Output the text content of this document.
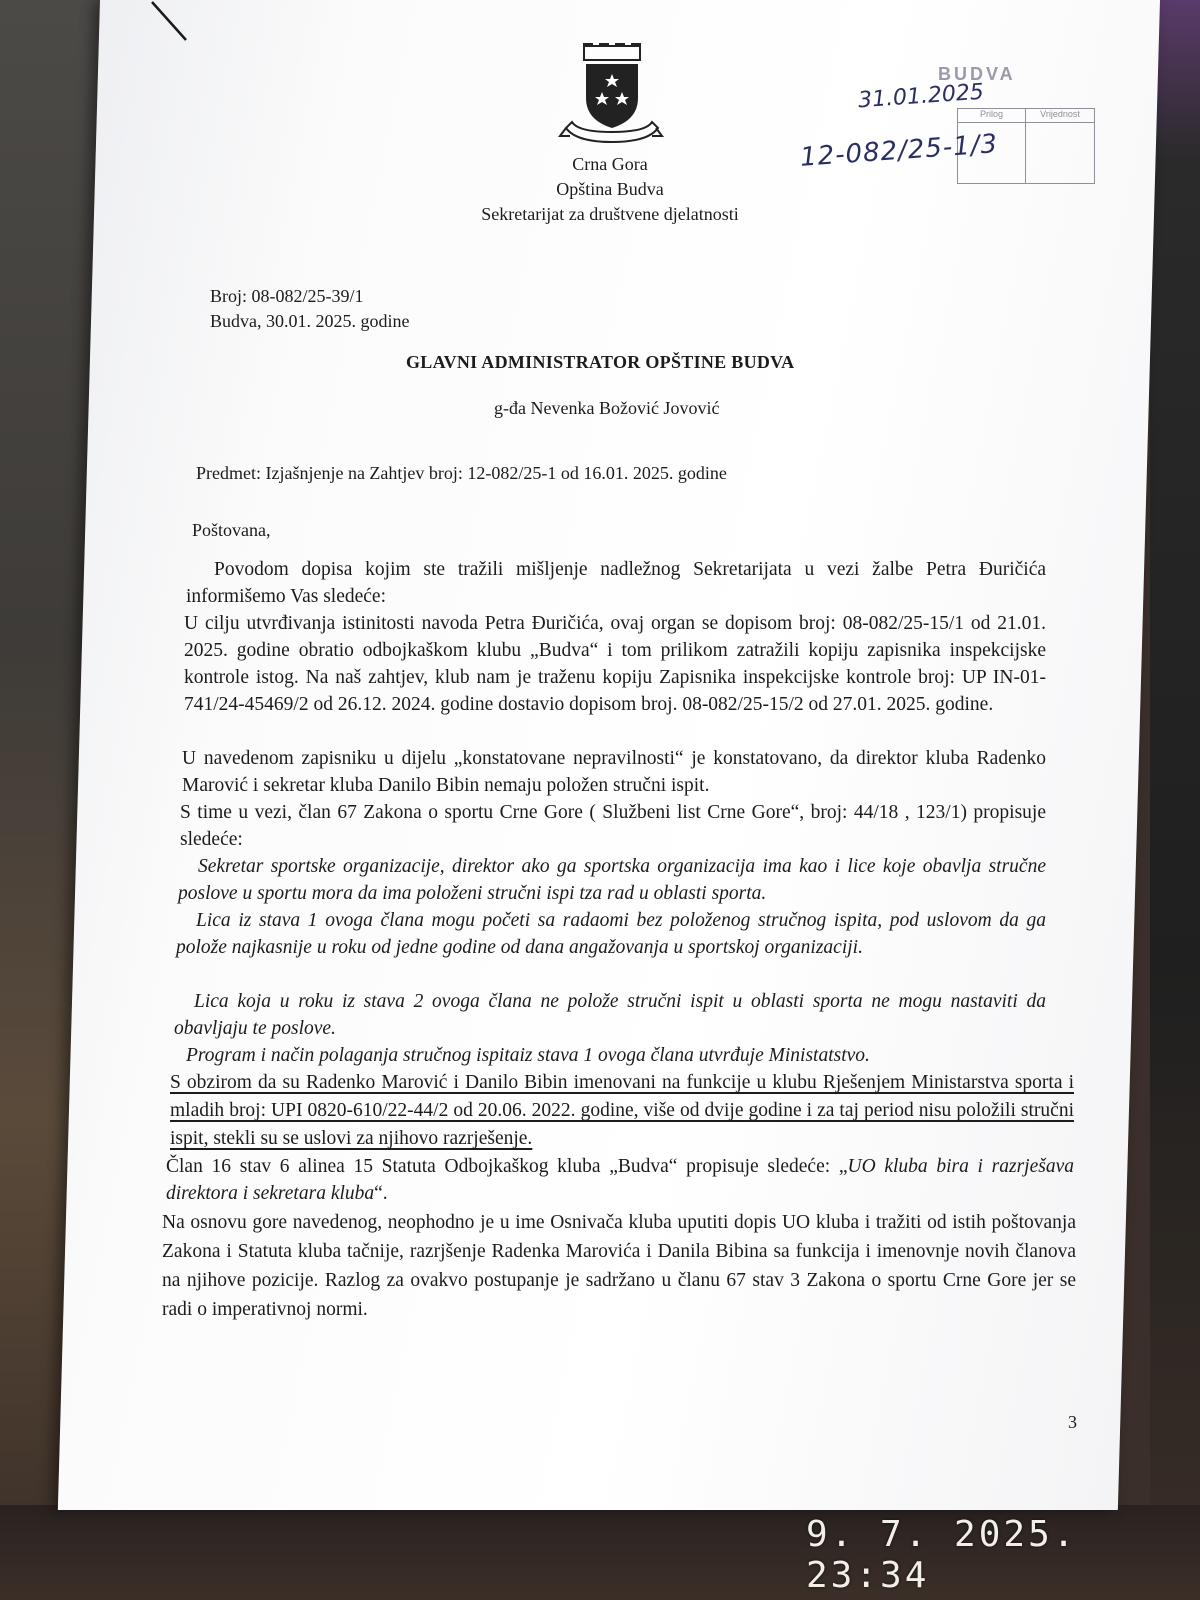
Crna Gora
Opština Budva
Sekretarijat za društvene djelatnosti
BUDVA
Prilog	Vrijednost
31.01.2025
12-082/25-1/3
Broj: 08-082/25-39/1
Budva, 30.01. 2025. godine
GLAVNI ADMINISTRATOR OPŠTINE BUDVA
g-đa Nevenka Božović Jovović
Predmet: Izjašnjenje na Zahtjev broj: 12-082/25-1 od 16.01. 2025. godine
Poštovana,

Povodom dopisa kojim ste tražili mišljenje nadležnog Sekretarijata u vezi žalbe Petra Đuričića informišemo Vas sledeće:

U cilju utvrđivanja istinitosti navoda Petra Đuričića, ovaj organ se dopisom broj: 08-082/25-15/1 od 21.01. 2025. godine obratio odbojkaškom klubu „Budva“ i tom prilikom zatražili kopiju zapisnika inspekcijske kontrole istog. Na naš zahtjev, klub nam je traženu kopiju Zapisnika inspekcijske kontrole broj: UP IN-01-741/24-45469/2 od 26.12. 2024. godine dostavio dopisom broj. 08-082/25-15/2 od 27.01. 2025. godine.

U navedenom zapisniku u dijelu „konstatovane nepravilnosti“ je konstatovano, da direktor kluba Radenko Marović i sekretar kluba Danilo Bibin nemaju položen stručni ispit.

S time u vezi, član 67 Zakona o sportu Crne Gore ( Službeni list Crne Gore“, broj: 44/18 , 123/1) propisuje sledeće:

Sekretar sportske organizacije, direktor ako ga sportska organizacija ima kao i lice koje obavlja stručne poslove u sportu mora da ima položeni stručni ispi tza rad u oblasti sporta.

Lica iz stava 1 ovoga člana mogu početi sa radaomi bez položenog stručnog ispita, pod uslovom da ga polože najkasnije u roku od jedne godine od dana angažovanja u sportskoj organizaciji.

Lica koja u roku iz stava 2 ovoga člana ne polože stručni ispit u oblasti sporta ne mogu nastaviti da obavljaju te poslove.

Program i način polaganja stručnog ispitaiz stava 1 ovoga člana utvrđuje Ministatstvo.

S obzirom da su Radenko Marović i Danilo Bibin imenovani na funkcije u klubu Rješenjem Ministarstva sporta i mladih broj: UPI 0820-610/22-44/2 od 20.06. 2022. godine, više od dvije godine i za taj period nisu položili stručni ispit, stekli su se uslovi za njihovo razrješenje.

Član 16 stav 6 alinea 15 Statuta Odbojkaškog kluba „Budva“ propisuje sledeće: „UO kluba bira i razrješava direktora i sekretara kluba“.

Na osnovu gore navedenog, neophodno je u ime Osnivača kluba uputiti dopis UO kluba i tražiti od istih poštovanja Zakona i Statuta kluba tačnije, razrjšenje Radenka Marovića i Danila Bibina sa funkcija i imenovnje novih članova na njihove pozicije. Razlog za ovakvo postupanje je sadržano u članu 67 stav 3 Zakona o sportu Crne Gore jer se radi o imperativnoj normi.

3
9. 7. 2025. 23:34
